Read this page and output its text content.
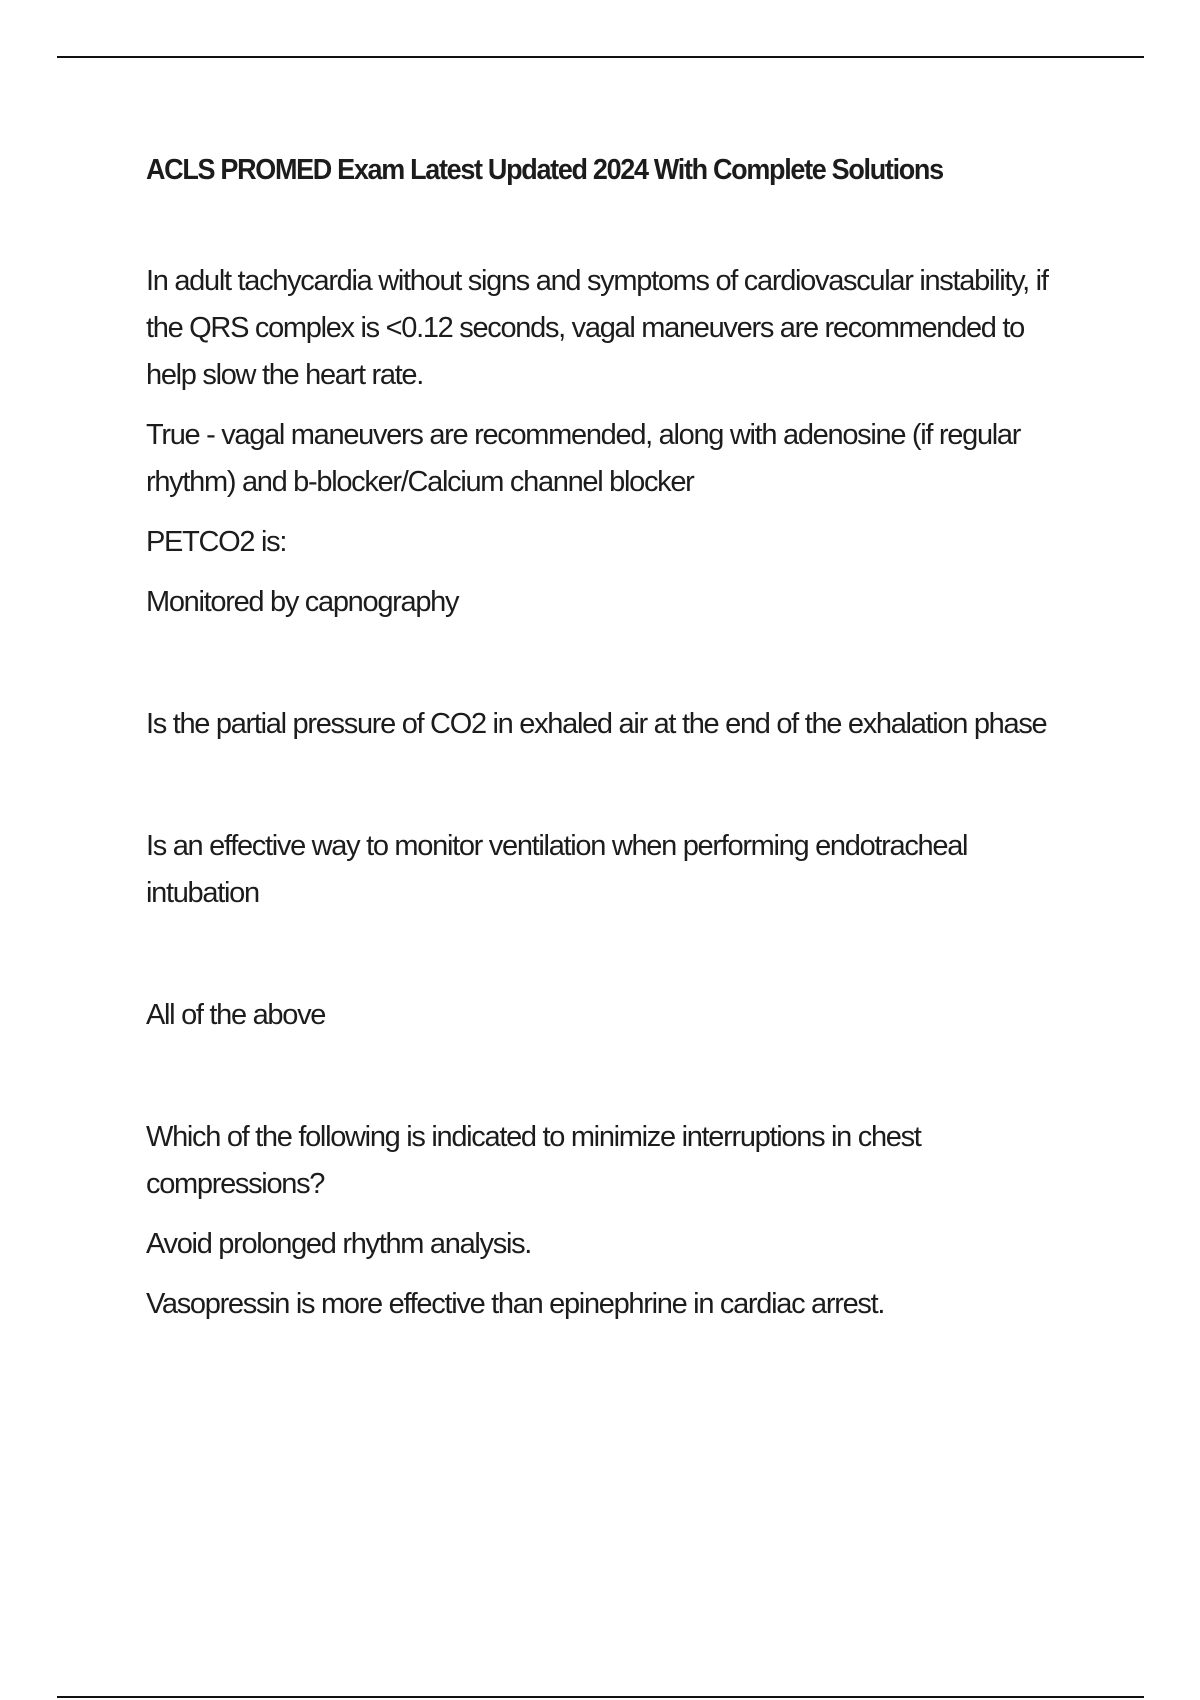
ACLS PROMED Exam Latest Updated 2024 With Complete Solutions

In adult tachycardia without signs and symptoms of cardiovascular instability, if the QRS complex is <0.12 seconds, vagal maneuvers are recommended to help slow the heart rate.

True - vagal maneuvers are recommended, along with adenosine (if regular rhythm) and b-blocker/Calcium channel blocker

PETCO2 is:

Monitored by capnography

Is the partial pressure of CO2 in exhaled air at the end of the exhalation phase

Is an effective way to monitor ventilation when performing endotracheal intubation

All of the above

Which of the following is indicated to minimize interruptions in chest compressions?

Avoid prolonged rhythm analysis.

Vasopressin is more effective than epinephrine in cardiac arrest.
